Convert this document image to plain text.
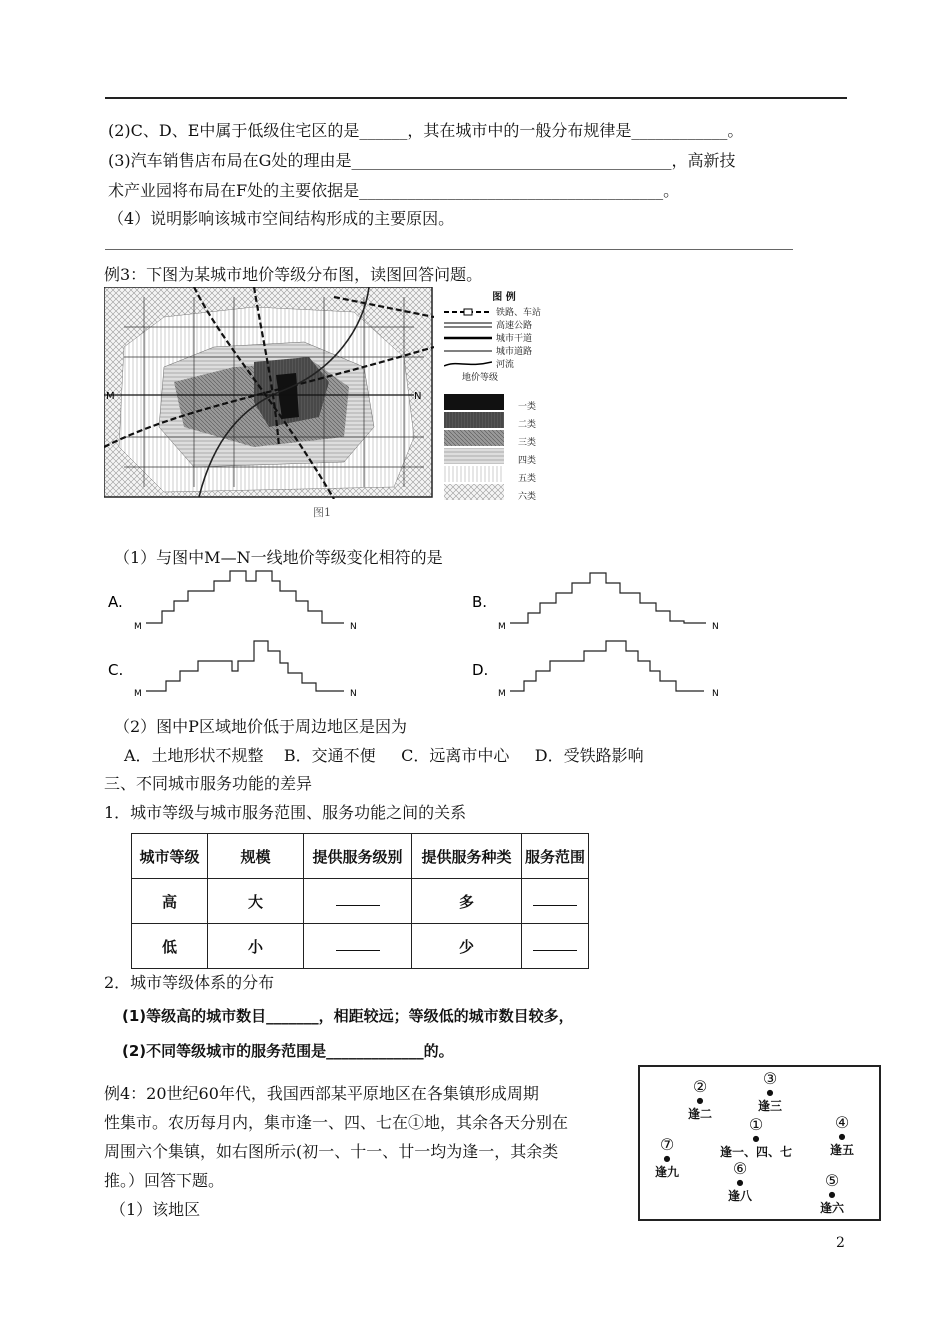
(2)C、D、E中属于低级住宅区的是______，其在城市中的一般分布规律是____________。
(3)汽车销售店布局在G处的理由是________________________________________，高新技
术产业园将布局在F处的主要依据是______________________________________。
（4）说明影响该城市空间结构形成的主要原因。
例3：下图为某城市地价等级分布图，读图回答问题。
M	N
图1
图 例
铁路、车站
高速公路
城市干道
城市道路
河流
地价等级
一类
二类
三类
四类
五类
六类
（1）与图中M—N一线地价等级变化相符的是
A.
M	N
B.
M	N
C.
M	N
D.
M	N
（2）图中P区域地价低于周边地区是因为
A．土地形状不规整    B．交通不便     C．远离市中心     D．受铁路影响
三、不同城市服务功能的差异
1．城市等级与城市服务范围、服务功能之间的关系
城市等级	规模	提供服务级别	提供服务种类	服务范围
高	大		多	
低	小		少	
2．城市等级体系的分布
(1)等级高的城市数目_______，相距较远；等级低的城市数目较多，
(2)不同等级城市的服务范围是_____________的。
例4：20世纪60年代，我国西部某平原地区在各集镇形成周期
性集市。农历每月内，集市逢一、四、七在①地，其余各天分别在
周围六个集镇，如右图所示(初一、十一、廿一均为逢一，其余类
推。）回答下题。
（1）该地区
②
●
逢二
③
●
逢三
①
●
逢一、四、七
④
●
逢五
⑦
●
逢九	⑥
●
逢八
⑤
●
逢六
2
